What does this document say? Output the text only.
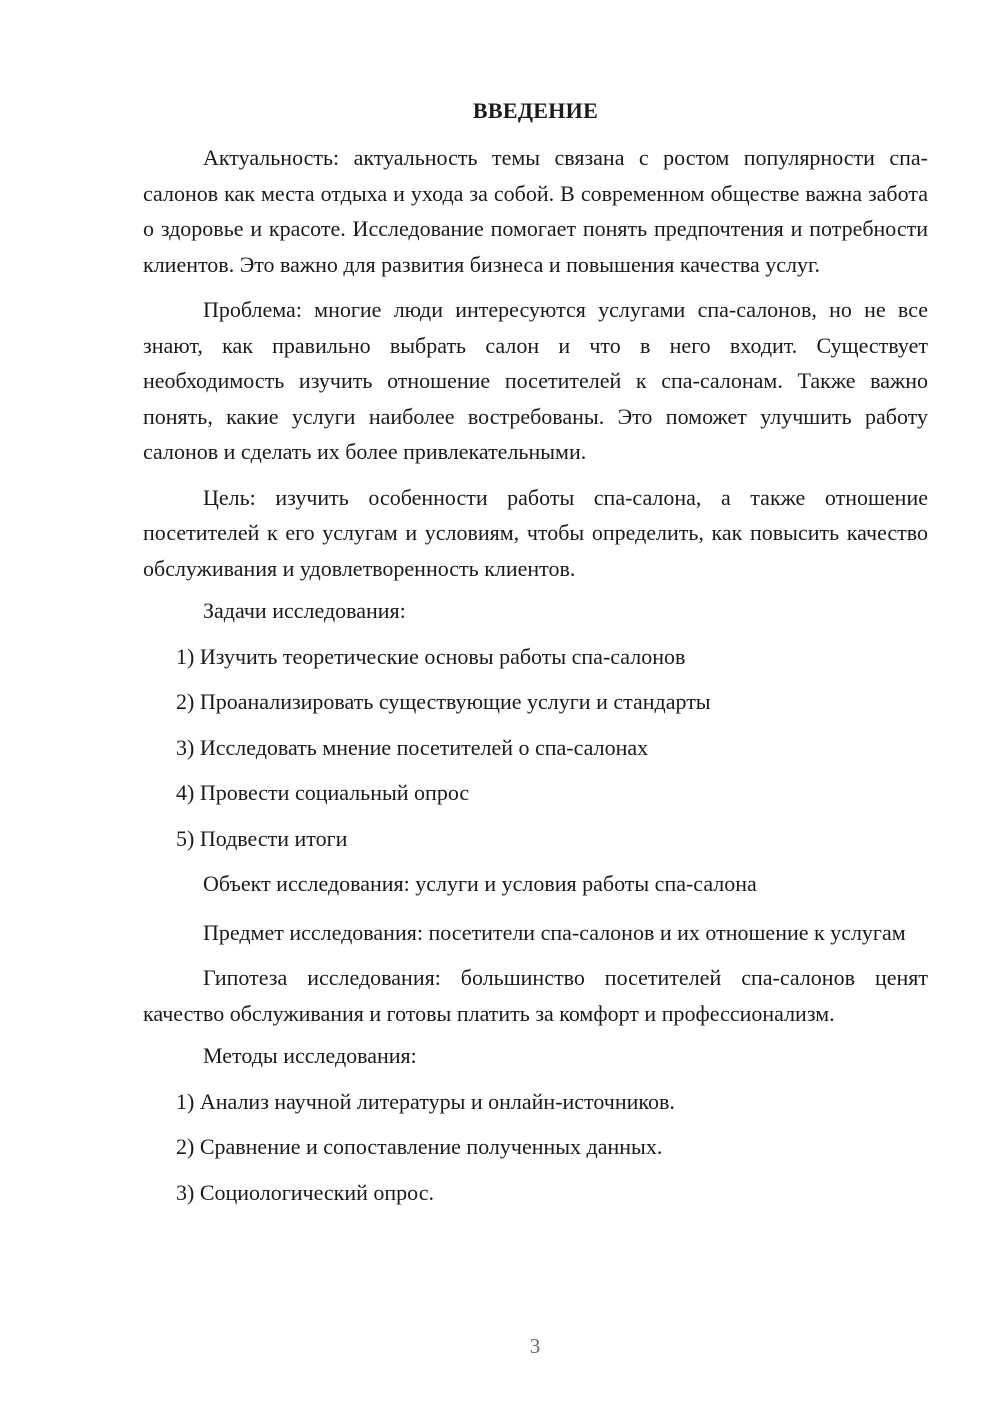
ВВЕДЕНИЕ

Актуальность: актуальность темы связана с ростом популярности спа-салонов как места отдыха и ухода за собой. В современном обществе важна забота о здоровье и красоте. Исследование помогает понять предпочтения и потребности клиентов. Это важно для развития бизнеса и повышения качества услуг.

Проблема: многие люди интересуются услугами спа-салонов, но не все знают, как правильно выбрать салон и что в него входит. Существует необходимость изучить отношение посетителей к спа-салонам. Также важно понять, какие услуги наиболее востребованы. Это поможет улучшить работу салонов и сделать их более привлекательными.

Цель: изучить особенности работы спа-салона, а также отношение посетителей к его услугам и условиям, чтобы определить, как повысить качество обслуживания и удовлетворенность клиентов.

Задачи исследования:
1) Изучить теоретические основы работы спа-салонов
2) Проанализировать существующие услуги и стандарты
3) Исследовать мнение посетителей о спа-салонах
4) Провести социальный опрос
5) Подвести итоги
Объект исследования: услуги и условия работы спа-салона

Предмет исследования: посетители спа-салонов и их отношение к услугам

Гипотеза исследования: большинство посетителей спа-салонов ценят качество обслуживания и готовы платить за комфорт и профессионализм.

Методы исследования:
1) Анализ научной литературы и онлайн-источников.
2) Сравнение и сопоставление полученных данных.
3) Социологический опрос.
3
